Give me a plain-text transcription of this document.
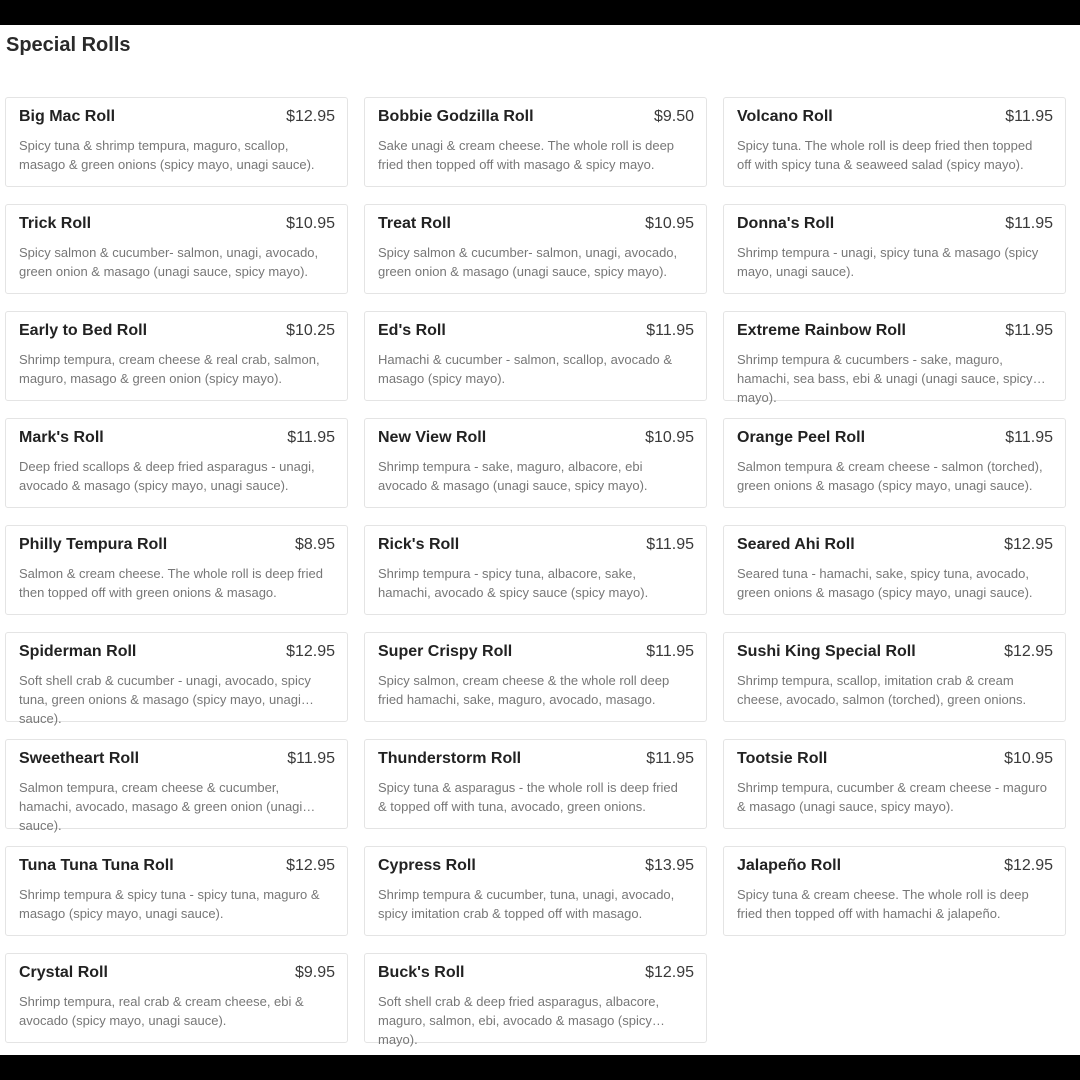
Special Rolls
Big Mac Roll	$12.95
Spicy tuna & shrimp tempura, maguro, scallop, masago & green onions (spicy mayo, unagi sauce).
Bobbie Godzilla Roll	$9.50
Sake unagi & cream cheese. The whole roll is deep fried then topped off with masago & spicy mayo.
Volcano Roll	$11.95
Spicy tuna. The whole roll is deep fried then topped off with spicy tuna & seaweed salad (spicy mayo).
Trick Roll	$10.95
Spicy salmon & cucumber- salmon, unagi, avocado, green onion & masago (unagi sauce, spicy mayo).
Treat Roll	$10.95
Spicy salmon & cucumber- salmon, unagi, avocado, green onion & masago (unagi sauce, spicy mayo).
Donna's Roll	$11.95
Shrimp tempura - unagi, spicy tuna & masago (spicy mayo, unagi sauce).
Early to Bed Roll	$10.25
Shrimp tempura, cream cheese & real crab, salmon, maguro, masago & green onion (spicy mayo).
Ed's Roll	$11.95
Hamachi & cucumber - salmon, scallop, avocado & masago (spicy mayo).
Extreme Rainbow Roll	$11.95
Shrimp tempura & cucumbers - sake, maguro, hamachi, sea bass, ebi & unagi (unagi sauce, spicy mayo).
Mark's Roll	$11.95
Deep fried scallops & deep fried asparagus - unagi, avocado & masago (spicy mayo, unagi sauce).
New View Roll	$10.95
Shrimp tempura - sake, maguro, albacore, ebi avocado & masago (unagi sauce, spicy mayo).
Orange Peel Roll	$11.95
Salmon tempura & cream cheese - salmon (torched), green onions & masago (spicy mayo, unagi sauce).
Philly Tempura Roll	$8.95
Salmon & cream cheese. The whole roll is deep fried then topped off with green onions & masago.
Rick's Roll	$11.95
Shrimp tempura - spicy tuna, albacore, sake, hamachi, avocado & spicy sauce (spicy mayo).
Seared Ahi Roll	$12.95
Seared tuna - hamachi, sake, spicy tuna, avocado, green onions & masago (spicy mayo, unagi sauce).
Spiderman Roll	$12.95
Soft shell crab & cucumber - unagi, avocado, spicy tuna, green onions & masago (spicy mayo, unagi sauce).
Super Crispy Roll	$11.95
Spicy salmon, cream cheese & the whole roll deep fried hamachi, sake, maguro, avocado, masago.
Sushi King Special Roll	$12.95
Shrimp tempura, scallop, imitation crab & cream cheese, avocado, salmon (torched), green onions.
Sweetheart Roll	$11.95
Salmon tempura, cream cheese & cucumber, hamachi, avocado, masago & green onion (unagi sauce).
Thunderstorm Roll	$11.95
Spicy tuna & asparagus - the whole roll is deep fried & topped off with tuna, avocado, green onions.
Tootsie Roll	$10.95
Shrimp tempura, cucumber & cream cheese - maguro & masago (unagi sauce, spicy mayo).
Tuna Tuna Tuna Roll	$12.95
Shrimp tempura & spicy tuna - spicy tuna, maguro & masago (spicy mayo, unagi sauce).
Cypress Roll	$13.95
Shrimp tempura & cucumber, tuna, unagi, avocado, spicy imitation crab & topped off with masago.
Jalapeño Roll	$12.95
Spicy tuna & cream cheese. The whole roll is deep fried then topped off with hamachi & jalapeño.
Crystal Roll	$9.95
Shrimp tempura, real crab & cream cheese, ebi & avocado (spicy mayo, unagi sauce).
Buck's Roll	$12.95
Soft shell crab & deep fried asparagus, albacore, maguro, salmon, ebi, avocado & masago (spicy mayo).
